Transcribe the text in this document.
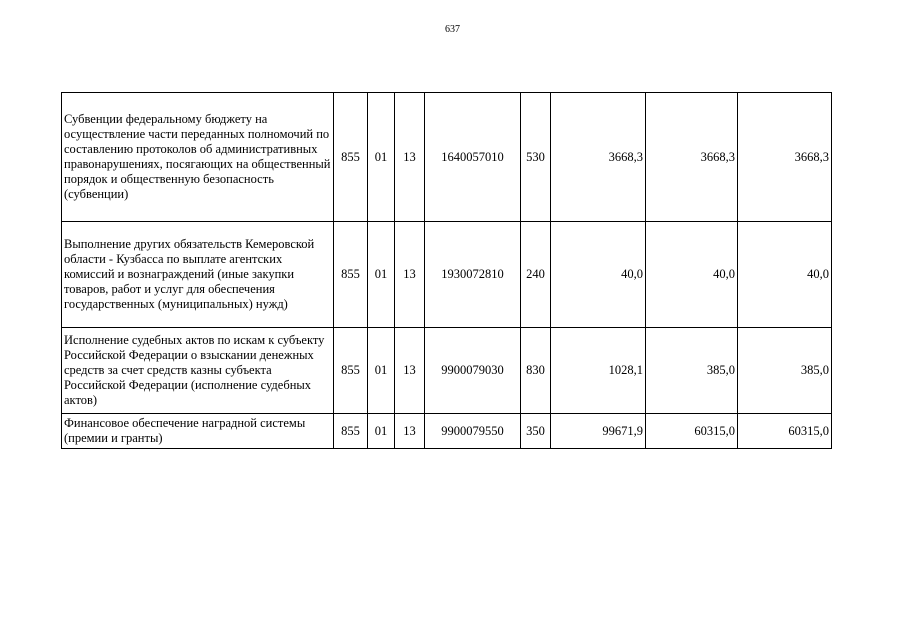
637
Субвенции федеральному бюджету на осуществление части переданных полномочий по составлению протоколов об административных правонарушениях, посягающих на общественный порядок и общественную безопасность (субвенции)	855	01	13	1640057010	530	3668,3	3668,3	3668,3
Выполнение других обязательств Кемеровской области - Кузбасса по выплате агентских комиссий и вознаграждений (иные закупки товаров, работ и услуг для обеспечения государственных (муниципальных) нужд)	855	01	13	1930072810	240	40,0	40,0	40,0
Исполнение судебных актов по искам к субъекту Российской Федерации о взыскании денежных средств за счет средств казны субъекта Российской Федерации (исполнение судебных актов)	855	01	13	9900079030	830	1028,1	385,0	385,0
Финансовое обеспечение наградной системы (премии и гранты)	855	01	13	9900079550	350	99671,9	60315,0	60315,0
